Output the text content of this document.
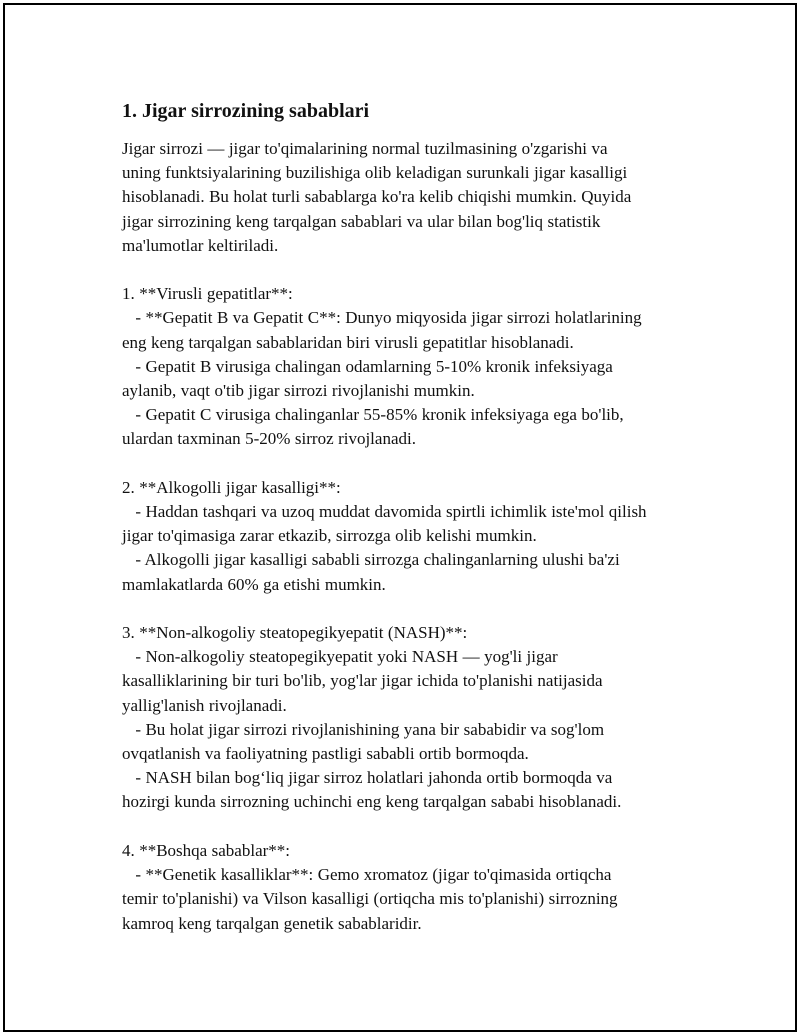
1. Jigar sirrozining sabablari

Jigar sirrozi — jigar to'qimalarining normal tuzilmasining o'zgarishi va
uning funktsiyalarining buzilishiga olib keladigan surunkali jigar kasalligi
hisoblanadi. Bu holat turli sabablarga ko'ra kelib chiqishi mumkin. Quyida
jigar sirrozining keng tarqalgan sabablari va ular bilan bog'liq statistik
ma'lumotlar keltiriladi.

1. **Virusli gepatitlar**:
- **Gepatit B va Gepatit C**: Dunyo miqyosida jigar sirrozi holatlarining
eng keng tarqalgan sabablaridan biri virusli gepatitlar hisoblanadi.
- Gepatit B virusiga chalingan odamlarning 5-10% kronik infeksiyaga
aylanib, vaqt o'tib jigar sirrozi rivojlanishi mumkin.
- Gepatit C virusiga chalinganlar 55-85% kronik infeksiyaga ega bo'lib,
ulardan taxminan 5-20% sirroz rivojlanadi.

2. **Alkogolli jigar kasalligi**:
- Haddan tashqari va uzoq muddat davomida spirtli ichimlik iste'mol qilish
jigar to'qimasiga zarar etkazib, sirrozga olib kelishi mumkin.
- Alkogolli jigar kasalligi sababli sirrozga chalinganlarning ulushi ba'zi
mamlakatlarda 60% ga etishi mumkin.

3. **Non-alkogoliy steatopegikyepatit (NASH)**:
- Non-alkogoliy steatopegikyepatit yoki NASH — yog'li jigar
kasalliklarining bir turi bo'lib, yog'lar jigar ichida to'planishi natijasida
yallig'lanish rivojlanadi.
- Bu holat jigar sirrozi rivojlanishining yana bir sababidir va sog'lom
ovqatlanish va faoliyatning pastligi sababli ortib bormoqda.
- NASH bilan bog‘liq jigar sirroz holatlari jahonda ortib bormoqda va
hozirgi kunda sirrozning uchinchi eng keng tarqalgan sababi hisoblanadi.

4. **Boshqa sabablar**:
- **Genetik kasalliklar**: Gemo xromatoz (jigar to'qimasida ortiqcha
temir to'planishi) va Vilson kasalligi (ortiqcha mis to'planishi) sirrozning
kamroq keng tarqalgan genetik sabablaridir.
